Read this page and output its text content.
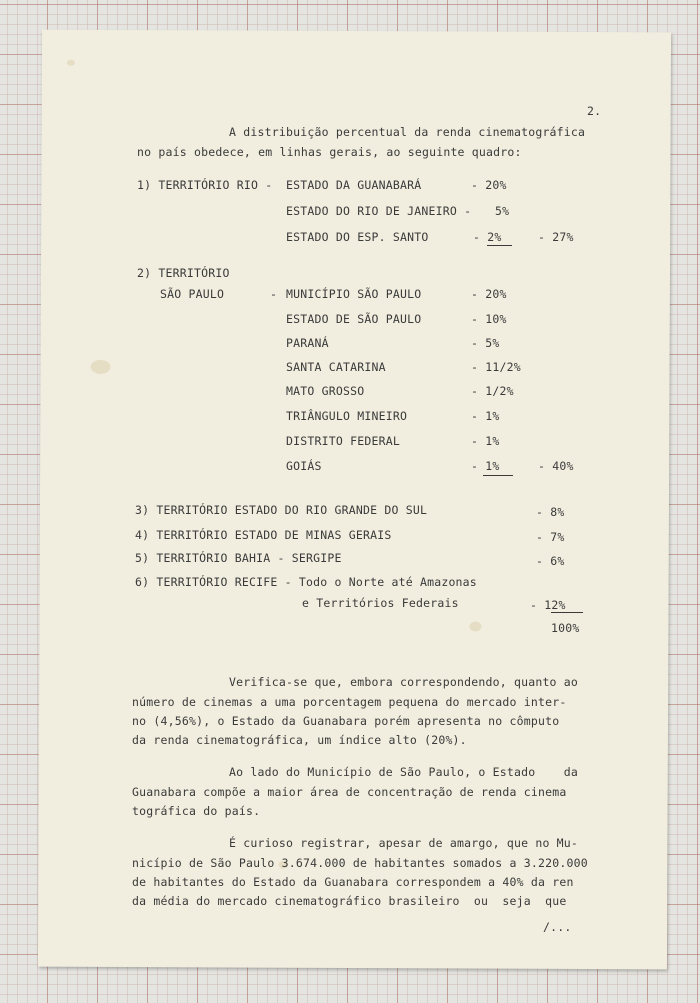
2.
A distribuição percentual da renda cinematográfica
no país obedece, em linhas gerais, ao seguinte quadro:
1) TERRITÓRIO RIO - ESTADO DA GUANABARÁ	- 20%
ESTADO DO RIO DE JANEIRO - 5%
ESTADO DO ESP. SANTO	- 2%	- 27%
2) TERRITÓRIO
SÃO PAULO	- MUNICÍPIO SÃO PAULO	- 20%
ESTADO DE SÃO PAULO	- 10%
PARANÁ	- 5%
SANTA CATARINA	- 11/2%
MATO GROSSO	- 1/2%
TRIÂNGULO MINEIRO	- 1%
DISTRITO FEDERAL	- 1%
GOIÁS	- 1%	- 40%
3) TERRITÓRIO ESTADO DO RIO GRANDE DO SUL	- 8%
4) TERRITÓRIO ESTADO DE MINAS GERAIS	- 7%
5) TERRITÓRIO BAHIA - SERGIPE	- 6%
6) TERRITÓRIO RECIFE - Todo o Norte até Amazonas
e Territórios Federais	- 12%
100%
Verifica-se que, embora correspondendo, quanto ao
número de cinemas a uma porcentagem pequena do mercado inter-
no (4,56%), o Estado da Guanabara porém apresenta no cômputo
da renda cinematográfica, um índice alto (20%).
Ao lado do Município de São Paulo, o Estado    da
Guanabara compõe a maior área de concentração de renda cinema
tográfica do país.
É curioso registrar, apesar de amargo, que no Mu-
nicípio de São Paulo 3.674.000 de habitantes somados a 3.220.000
de habitantes do Estado da Guanabara correspondem a 40% da ren
da média do mercado cinematográfico brasileiro  ou  seja  que
/...
